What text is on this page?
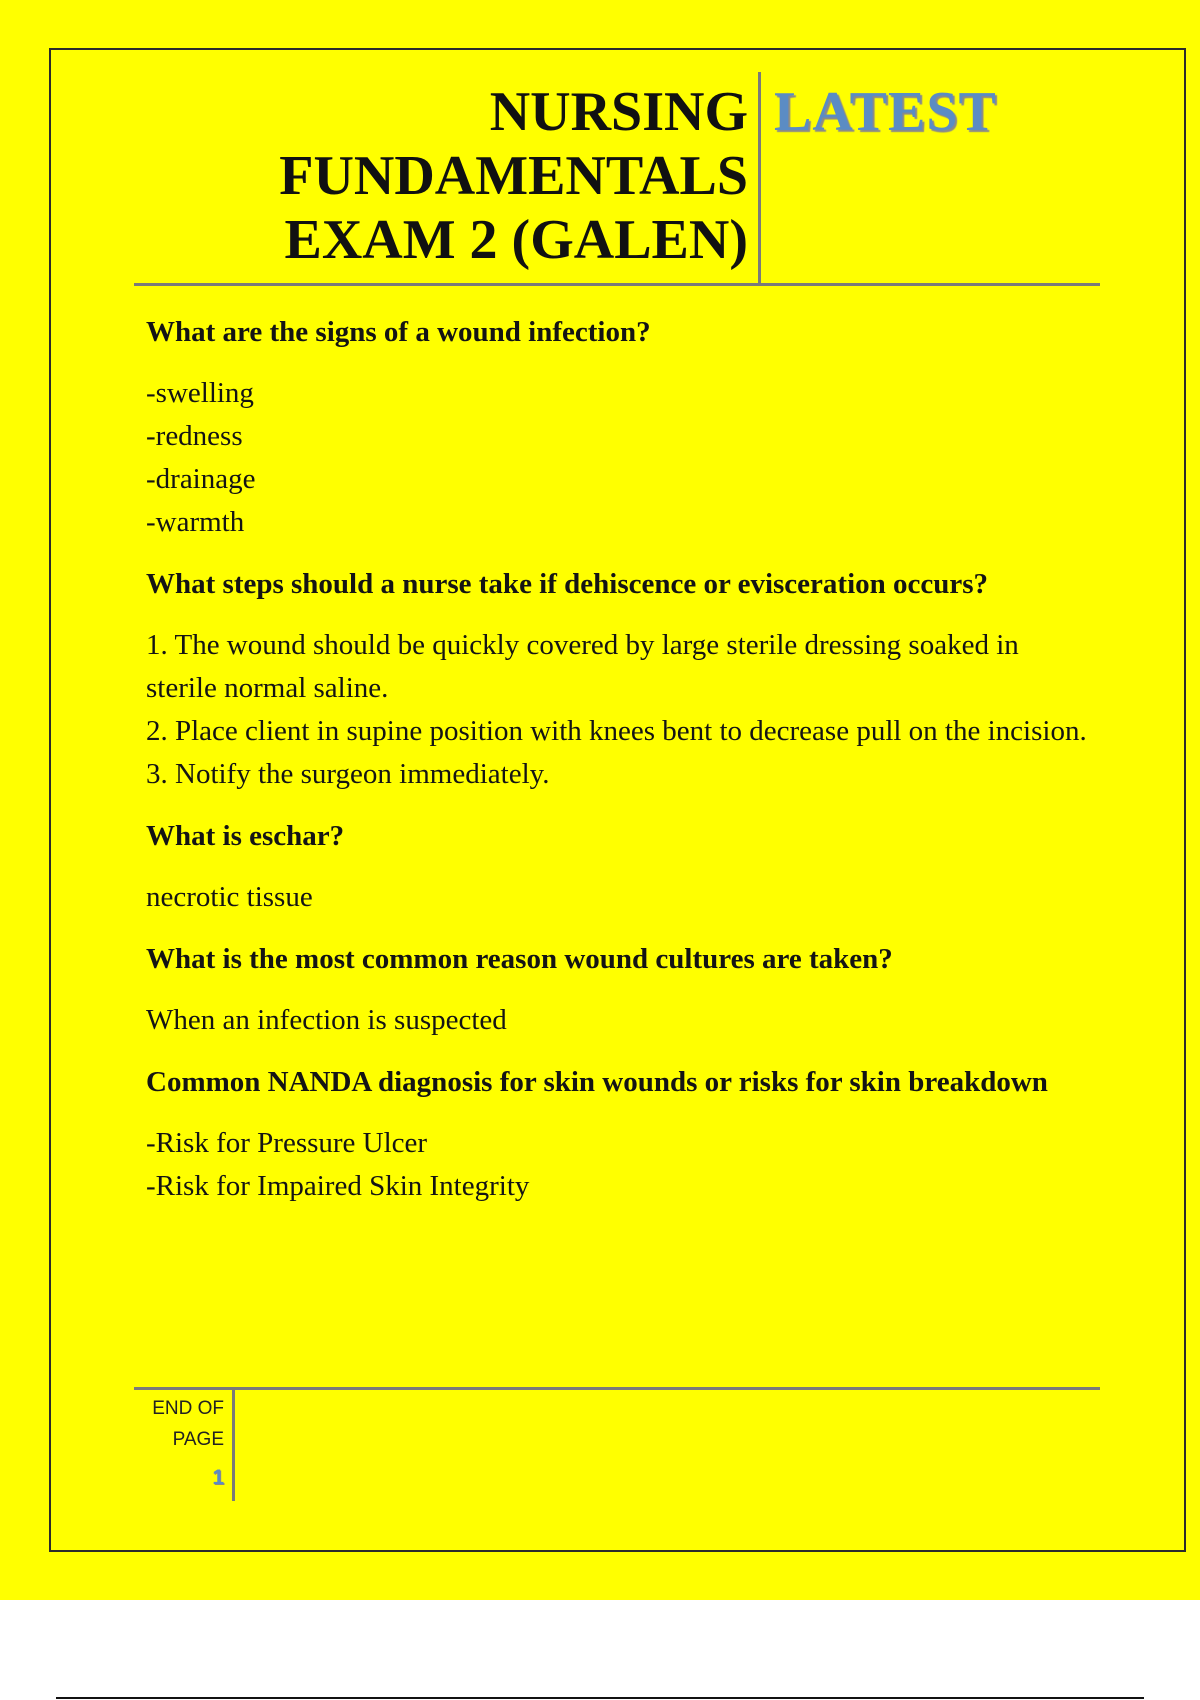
NURSING
FUNDAMENTALS
EXAM 2 (GALEN)
LATEST

What are the signs of a wound infection?

-swelling
-redness
-drainage
-warmth

What steps should a nurse take if dehiscence or evisceration occurs?

1. The wound should be quickly covered by large sterile dressing soaked in sterile normal saline.
2. Place client in supine position with knees bent to decrease pull on the incision.
3. Notify the surgeon immediately.

What is eschar?

necrotic tissue

What is the most common reason wound cultures are taken?

When an infection is suspected

Common NANDA diagnosis for skin wounds or risks for skin breakdown

-Risk for Pressure Ulcer
-Risk for Impaired Skin Integrity

END OF
PAGE
1
